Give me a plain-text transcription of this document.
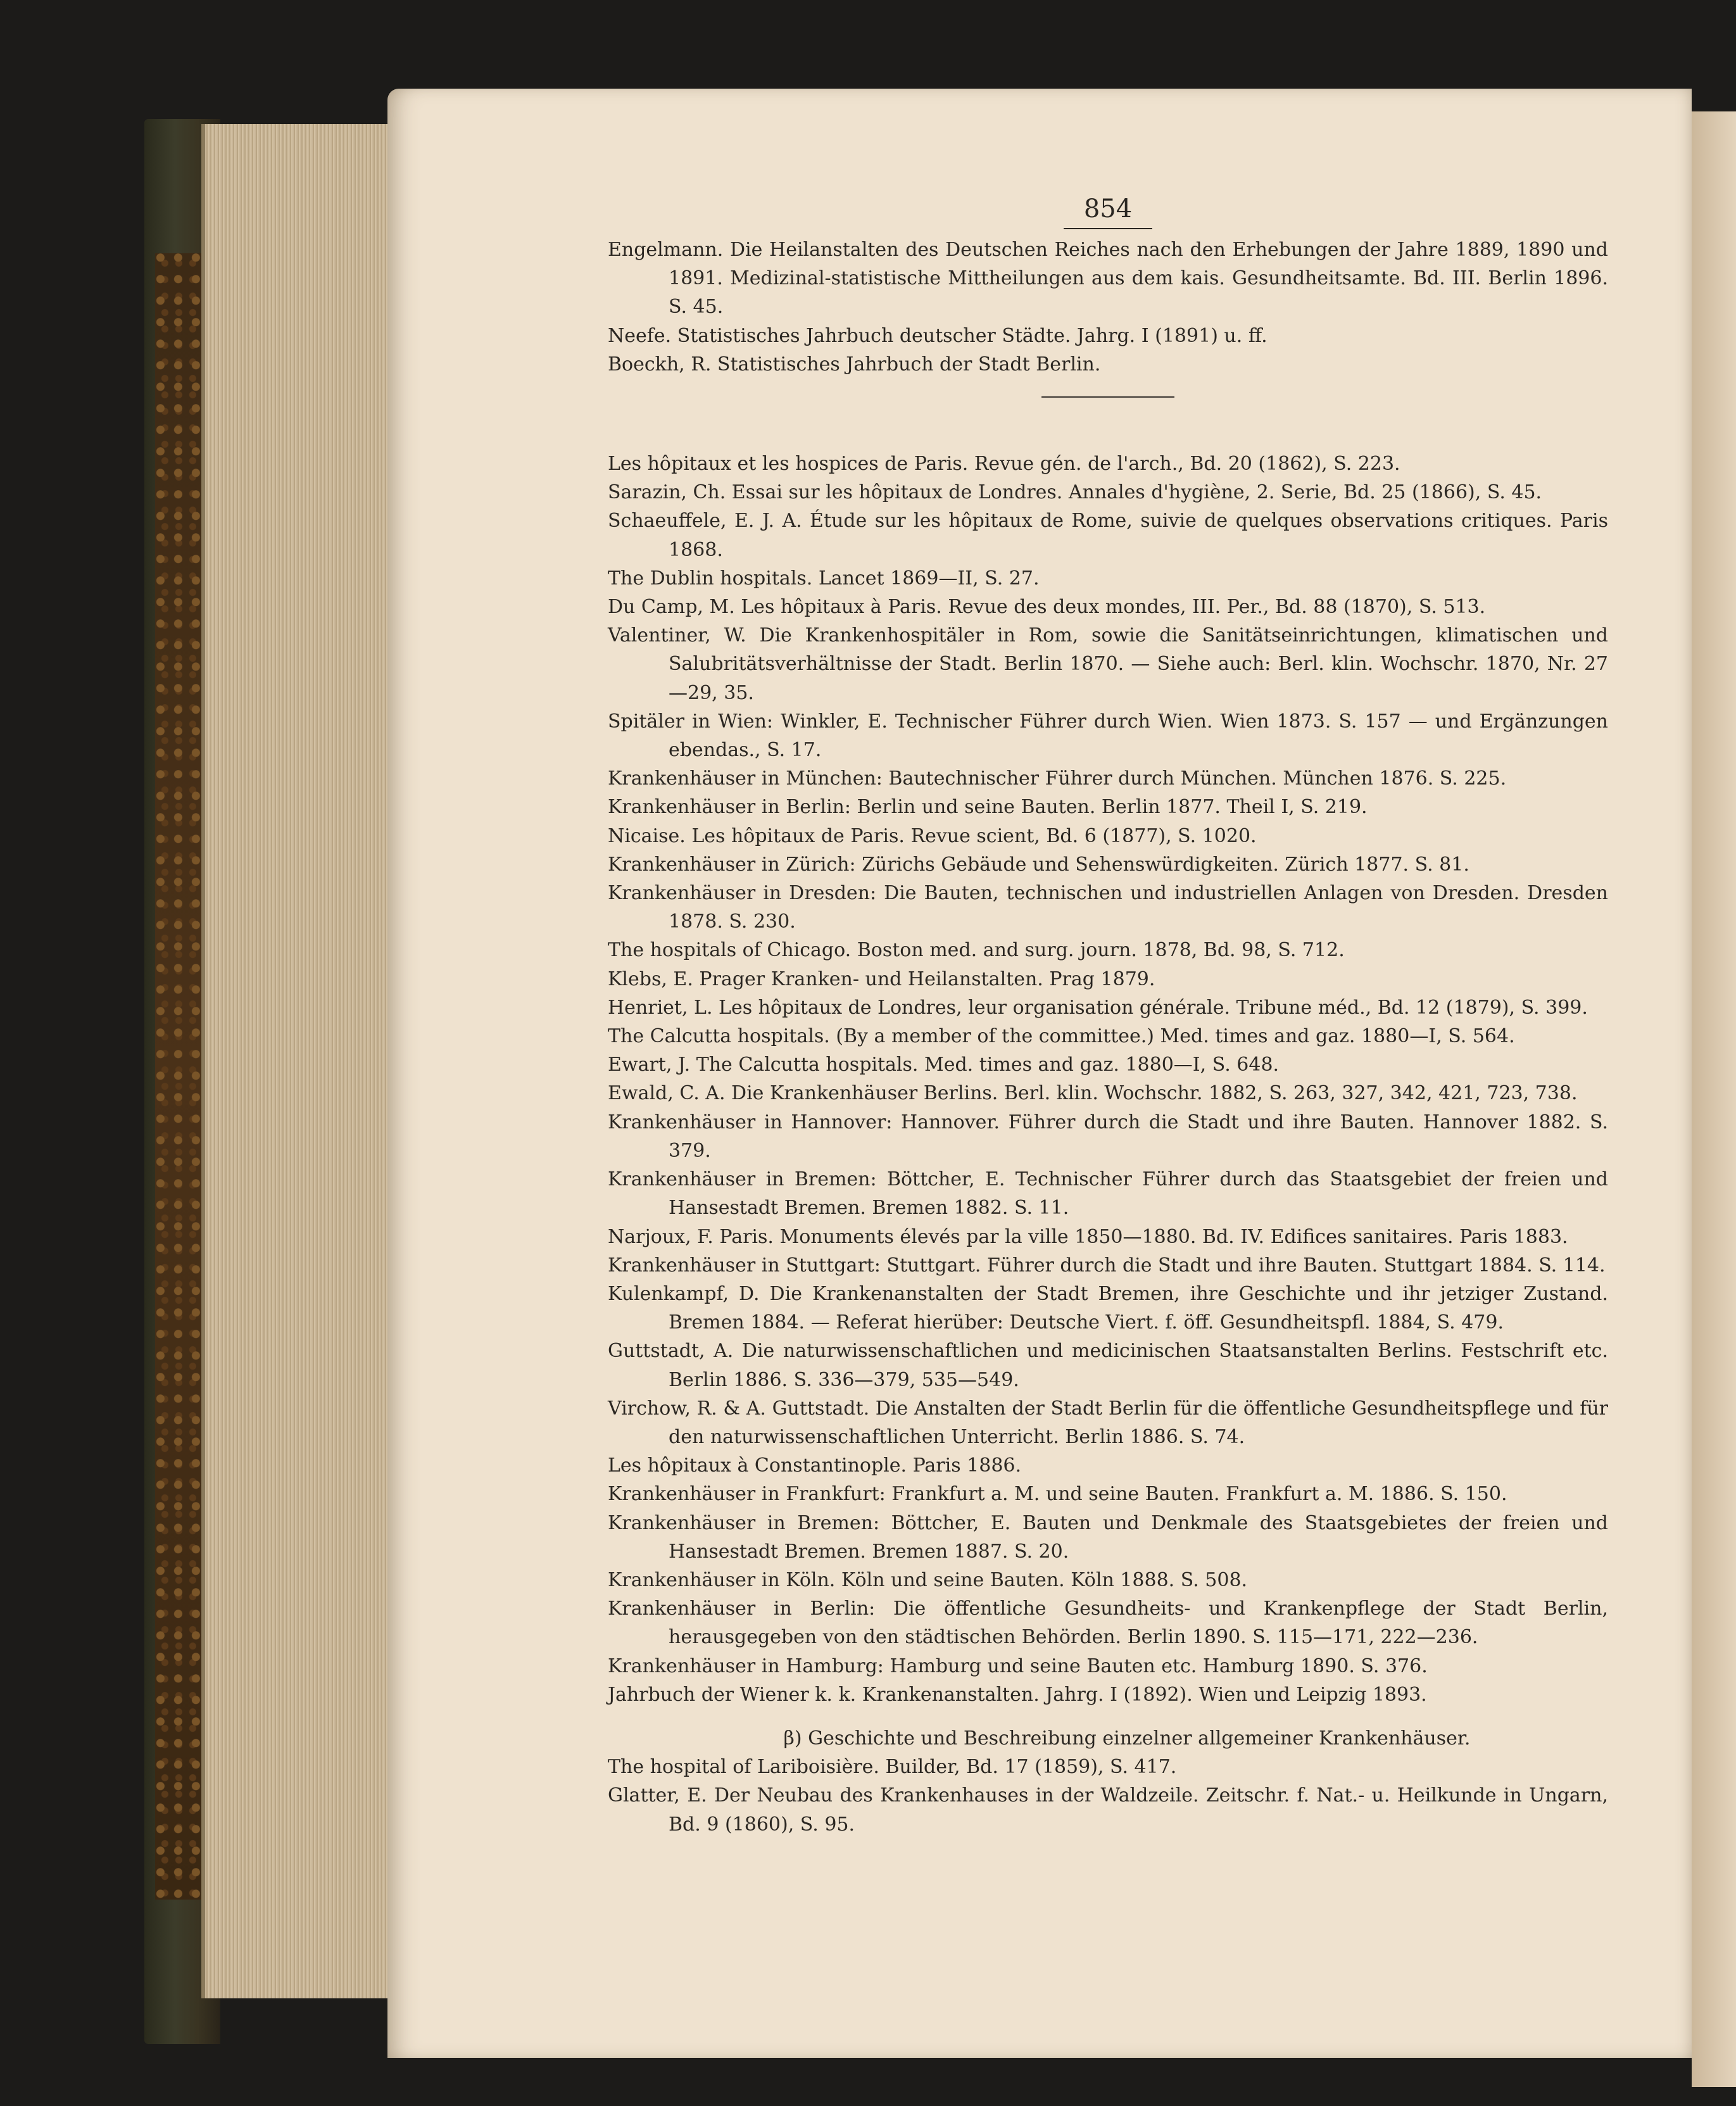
854
Engelmann. Die Heilanstalten des Deutschen Reiches nach den Erhebungen der Jahre 1889, 1890 und 1891. Medizinal-statistische Mittheilungen aus dem kais. Gesundheitsamte. Bd. III. Berlin 1896. S. 45.
Neefe. Statistisches Jahrbuch deutscher Städte. Jahrg. I (1891) u. ff.
Boeckh, R. Statistisches Jahrbuch der Stadt Berlin.
Les hôpitaux et les hospices de Paris. Revue gén. de l'arch., Bd. 20 (1862), S. 223.
Sarazin, Ch. Essai sur les hôpitaux de Londres. Annales d'hygiène, 2. Serie, Bd. 25 (1866), S. 45.
Schaeuffele, E. J. A. Étude sur les hôpitaux de Rome, suivie de quelques observations critiques. Paris 1868.
The Dublin hospitals. Lancet 1869—II, S. 27.
Du Camp, M. Les hôpitaux à Paris. Revue des deux mondes, III. Per., Bd. 88 (1870), S. 513.
Valentiner, W. Die Krankenhospitäler in Rom, sowie die Sanitätseinrichtungen, klimatischen und Salubritätsverhältnisse der Stadt. Berlin 1870. — Siehe auch: Berl. klin. Wochschr. 1870, Nr. 27—29, 35.
Spitäler in Wien: Winkler, E. Technischer Führer durch Wien. Wien 1873. S. 157 — und Ergänzungen ebendas., S. 17.
Krankenhäuser in München: Bautechnischer Führer durch München. München 1876. S. 225.
Krankenhäuser in Berlin: Berlin und seine Bauten. Berlin 1877. Theil I, S. 219.
Nicaise. Les hôpitaux de Paris. Revue scient, Bd. 6 (1877), S. 1020.
Krankenhäuser in Zürich: Zürichs Gebäude und Sehenswürdigkeiten. Zürich 1877. S. 81.
Krankenhäuser in Dresden: Die Bauten, technischen und industriellen Anlagen von Dresden. Dresden 1878. S. 230.
The hospitals of Chicago. Boston med. and surg. journ. 1878, Bd. 98, S. 712.
Klebs, E. Prager Kranken- und Heilanstalten. Prag 1879.
Henriet, L. Les hôpitaux de Londres, leur organisation générale. Tribune méd., Bd. 12 (1879), S. 399.
The Calcutta hospitals. (By a member of the committee.) Med. times and gaz. 1880—I, S. 564.
Ewart, J. The Calcutta hospitals. Med. times and gaz. 1880—I, S. 648.
Ewald, C. A. Die Krankenhäuser Berlins. Berl. klin. Wochschr. 1882, S. 263, 327, 342, 421, 723, 738.
Krankenhäuser in Hannover: Hannover. Führer durch die Stadt und ihre Bauten. Hannover 1882. S. 379.
Krankenhäuser in Bremen: Böttcher, E. Technischer Führer durch das Staatsgebiet der freien und Hansestadt Bremen. Bremen 1882. S. 11.
Narjoux, F. Paris. Monuments élevés par la ville 1850—1880. Bd. IV. Edifices sanitaires. Paris 1883.
Krankenhäuser in Stuttgart: Stuttgart. Führer durch die Stadt und ihre Bauten. Stuttgart 1884. S. 114.
Kulenkampf, D. Die Krankenanstalten der Stadt Bremen, ihre Geschichte und ihr jetziger Zustand. Bremen 1884. — Referat hierüber: Deutsche Viert. f. öff. Gesundheitspfl. 1884, S. 479.
Guttstadt, A. Die naturwissenschaftlichen und medicinischen Staatsanstalten Berlins. Festschrift etc. Berlin 1886. S. 336—379, 535—549.
Virchow, R. & A. Guttstadt. Die Anstalten der Stadt Berlin für die öffentliche Gesundheitspflege und für den naturwissenschaftlichen Unterricht. Berlin 1886. S. 74.
Les hôpitaux à Constantinople. Paris 1886.
Krankenhäuser in Frankfurt: Frankfurt a. M. und seine Bauten. Frankfurt a. M. 1886. S. 150.
Krankenhäuser in Bremen: Böttcher, E. Bauten und Denkmale des Staatsgebietes der freien und Hansestadt Bremen. Bremen 1887. S. 20.
Krankenhäuser in Köln. Köln und seine Bauten. Köln 1888. S. 508.
Krankenhäuser in Berlin: Die öffentliche Gesundheits- und Krankenpflege der Stadt Berlin, herausgegeben von den städtischen Behörden. Berlin 1890. S. 115—171, 222—236.
Krankenhäuser in Hamburg: Hamburg und seine Bauten etc. Hamburg 1890. S. 376.
Jahrbuch der Wiener k. k. Krankenanstalten. Jahrg. I (1892). Wien und Leipzig 1893.
β) Geschichte und Beschreibung einzelner allgemeiner Krankenhäuser.
The hospital of Lariboisière. Builder, Bd. 17 (1859), S. 417.
Glatter, E. Der Neubau des Krankenhauses in der Waldzeile. Zeitschr. f. Nat.- u. Heilkunde in Ungarn, Bd. 9 (1860), S. 95.
